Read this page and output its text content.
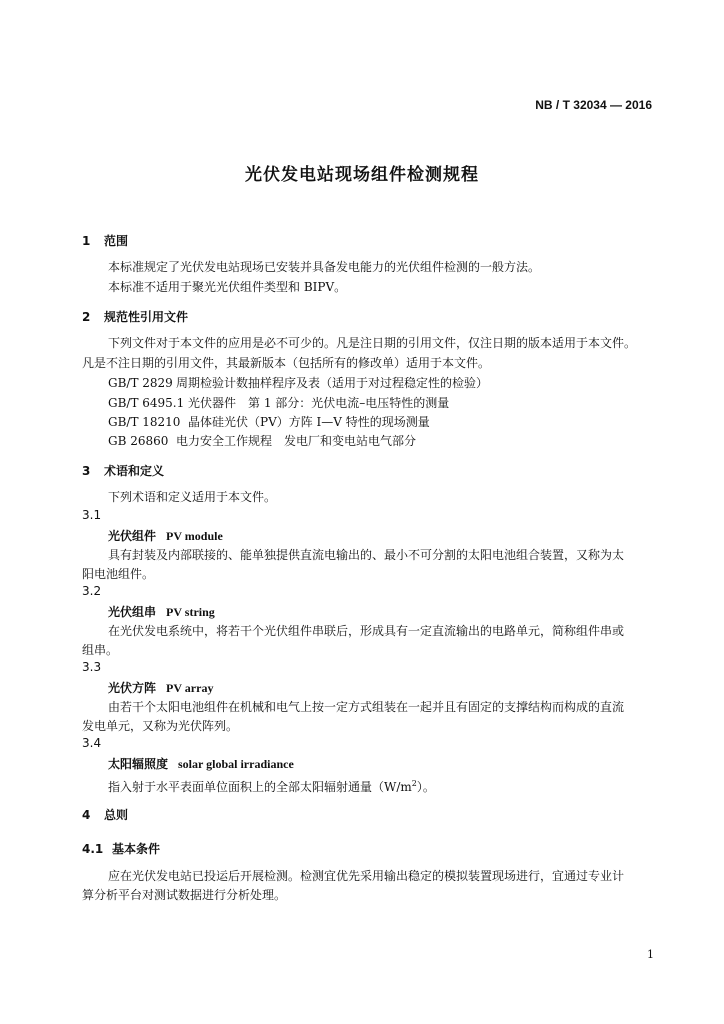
NB / T 32034 — 2016
光伏发电站现场组件检测规程
1 范围
本标准规定了光伏发电站现场已安装并具备发电能力的光伏组件检测的一般方法。
本标准不适用于聚光光伏组件类型和 BIPV。
2 规范性引用文件
下列文件对于本文件的应用是必不可少的。凡是注日期的引用文件，仅注日期的版本适用于本文件。
凡是不注日期的引用文件，其最新版本（包括所有的修改单）适用于本文件。
GB/T 2829 周期检验计数抽样程序及表（适用于对过程稳定性的检验）
GB/T 6495.1 光伏器件　第 1 部分：光伏电流–电压特性的测量
GB/T 18210 晶体硅光伏（PV）方阵 I—V 特性的现场测量
GB 26860 电力安全工作规程　发电厂和变电站电气部分
3 术语和定义
下列术语和定义适用于本文件。
3.1
光伏组件 PV module
具有封装及内部联接的、能单独提供直流电输出的、最小不可分割的太阳电池组合装置，又称为太
阳电池组件。
3.2
光伏组串 PV string
在光伏发电系统中，将若干个光伏组件串联后，形成具有一定直流输出的电路单元，简称组件串或
组串。
3.3
光伏方阵 PV array
由若干个太阳电池组件在机械和电气上按一定方式组装在一起并且有固定的支撑结构而构成的直流
发电单元，又称为光伏阵列。
3.4
太阳辐照度 solar global irradiance
指入射于水平表面单位面积上的全部太阳辐射通量$(W/m^2)$。
4 总则
4.1 基本条件
应在光伏发电站已投运后开展检测。检测宜优先采用输出稳定的模拟装置现场进行，宜通过专业计
算分析平台对测试数据进行分析处理。
1
